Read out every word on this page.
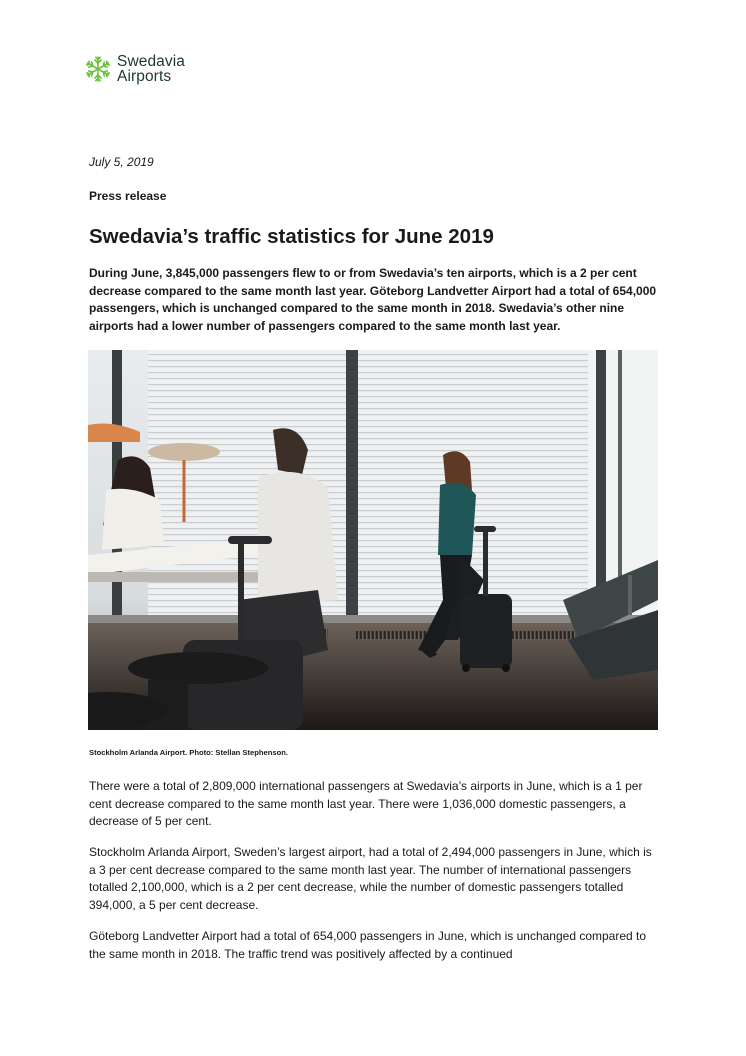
Swedavia
Airports
July 5, 2019
Press release
Swedavia’s traffic statistics for June 2019

During June, 3,845,000 passengers flew to or from Swedavia’s ten airports, which is a 2 per cent decrease compared to the same month last year. Göteborg Landvetter Airport had a total of 654,000 passengers, which is unchanged compared to the same month in 2018. Swedavia’s other nine airports had a lower number of passengers compared to the same month last year.

Stockholm Arlanda Airport. Photo: Stellan Stephenson.

There were a total of 2,809,000 international passengers at Swedavia’s airports in June, which is a 1 per cent decrease compared to the same month last year. There were 1,036,000 domestic passengers, a decrease of 5 per cent.

Stockholm Arlanda Airport, Sweden’s largest airport, had a total of 2,494,000 passengers in June, which is a 3 per cent decrease compared to the same month last year. The number of international passengers totalled 2,100,000, which is a 2 per cent decrease, while the number of domestic passengers totalled 394,000, a 5 per cent decrease.

Göteborg Landvetter Airport had a total of 654,000 passengers in June, which is unchanged compared to the same month in 2018. The traffic trend was positively affected by a continued
